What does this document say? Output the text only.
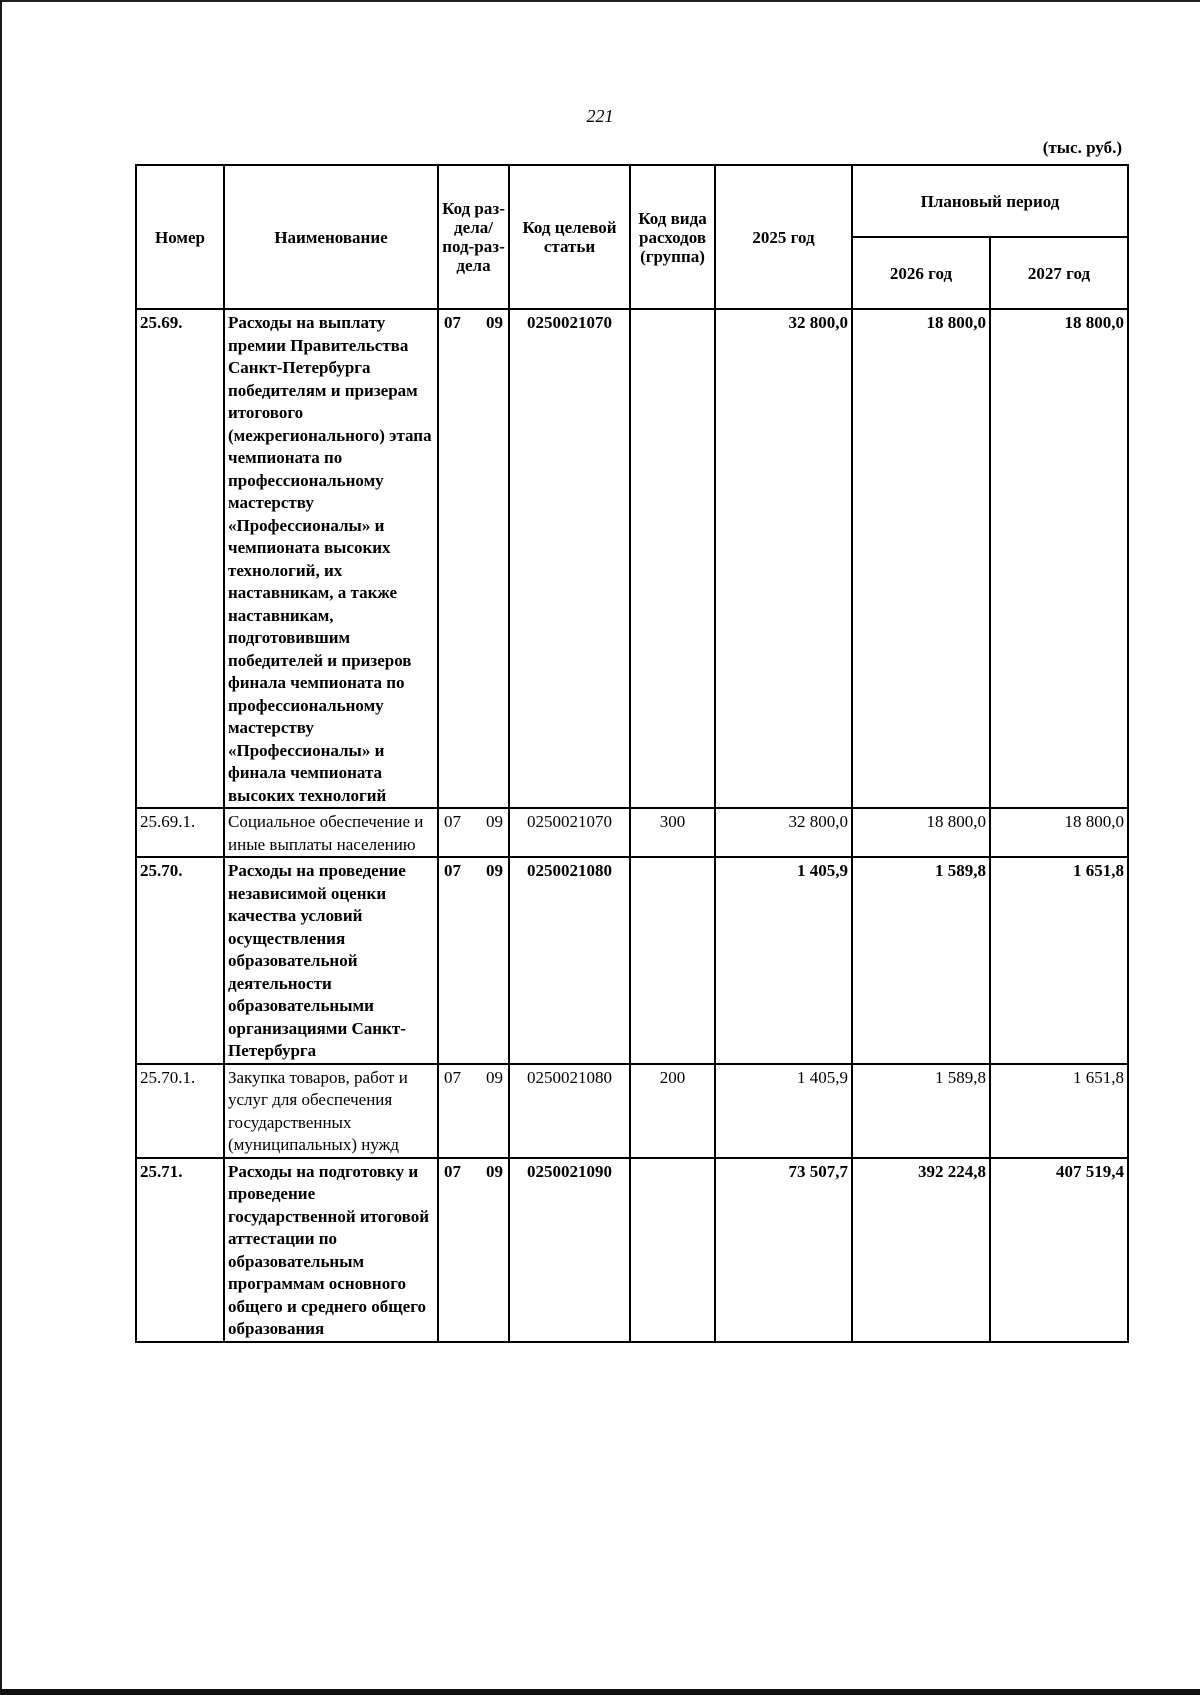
221
(тыс. руб.)
Номер	Наименование	Код раз-дела/ под-раз-дела	Код целевой статьи	Код вида расходов (группа)	2025 год	Плановый период	
						2026 год	2027 год
25.69.	Расходы на выплату премии Правительства Санкт-Петербурга победителям и призерам итогового (межрегионального) этапа чемпионата по профессиональному мастерству «Профессионалы» и чемпионата высоких технологий, их наставникам, а также наставникам, подготовившим победителей и призеров финала чемпионата по профессиональному мастерству «Профессионалы» и финала чемпионата высоких технологий	07 09	0250021070		32 800,0	18 800,0	18 800,0
25.69.1.	Социальное обеспечение и иные выплаты населению	07 09	0250021070	300	32 800,0	18 800,0	18 800,0
25.70.	Расходы на проведение независимой оценки качества условий осуществления образовательной деятельности образовательными организациями Санкт-Петербурга	07 09	0250021080		1 405,9	1 589,8	1 651,8
25.70.1.	Закупка товаров, работ и услуг для обеспечения государственных (муниципальных) нужд	07 09	0250021080	200	1 405,9	1 589,8	1 651,8
25.71.	Расходы на подготовку и проведение государственной итоговой аттестации по образовательным программам основного общего и среднего общего образования	07 09	0250021090		73 507,7	392 224,8	407 519,4
